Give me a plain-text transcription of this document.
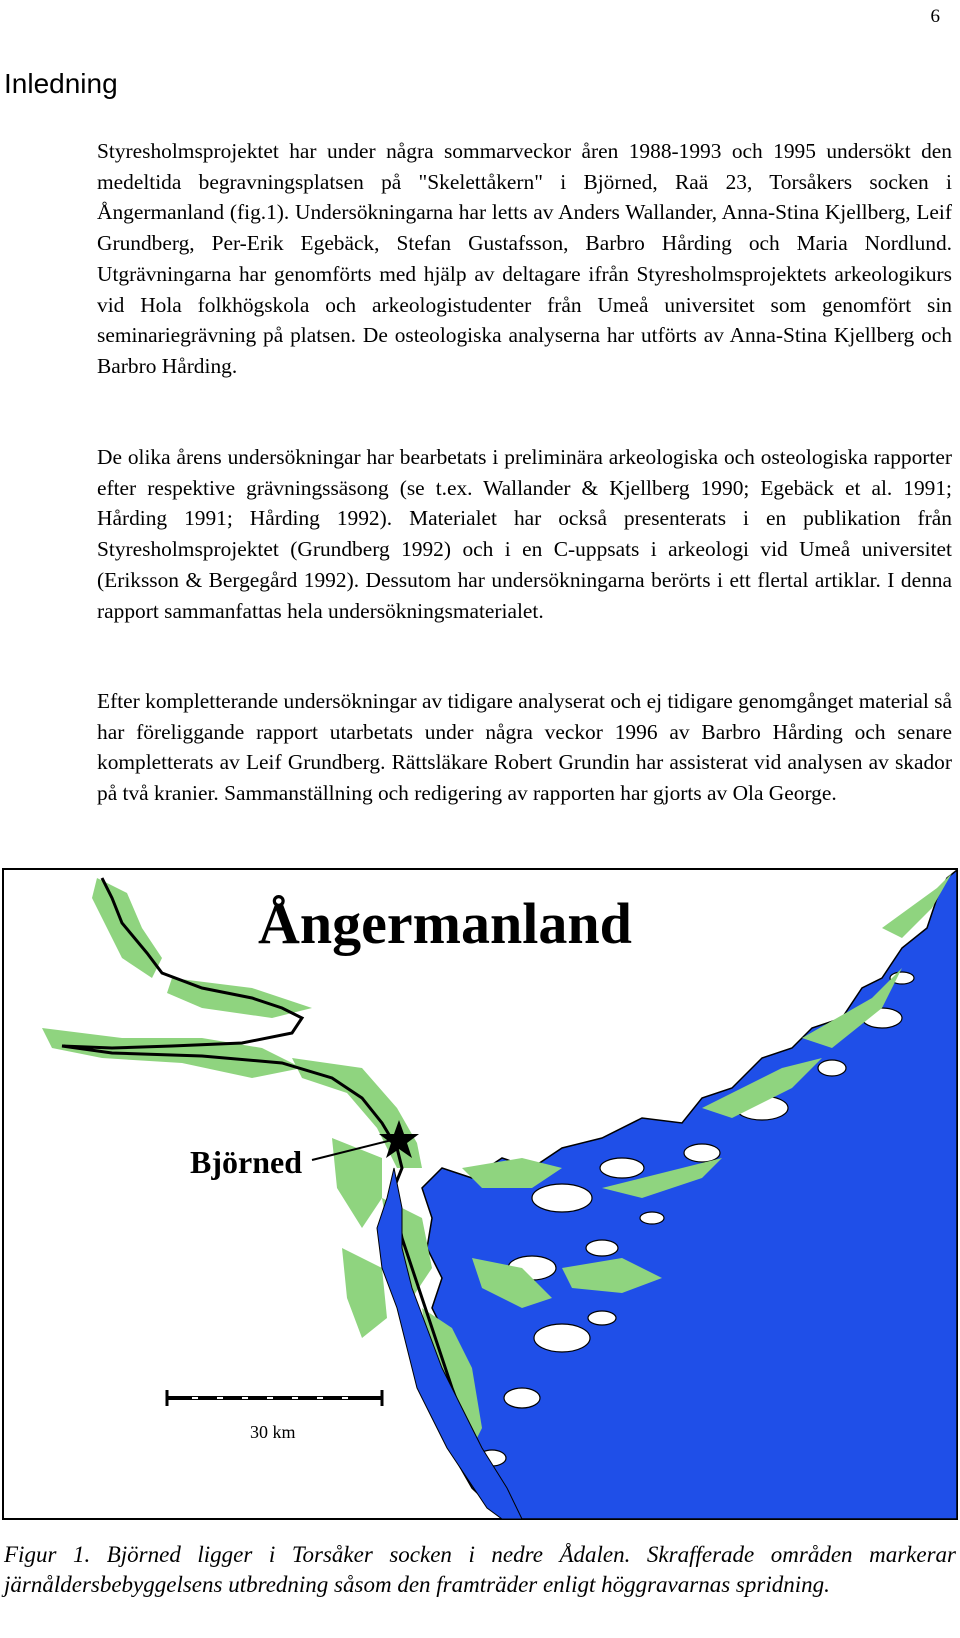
6
Inledning

Styresholmsprojektet har under några sommarveckor åren 1988-1993 och 1995 undersökt den medeltida begravningsplatsen på "Skelettåkern" i Björned, Raä 23, Torsåkers socken i Ångermanland (fig.1). Undersökningarna har letts av Anders Wallander, Anna-Stina Kjellberg, Leif Grundberg, Per-Erik Egebäck, Stefan Gustafsson, Barbro Hårding och Maria Nordlund. Utgrävningarna har genomförts med hjälp av deltagare ifrån Styresholmsprojektets arkeologikurs vid Hola folkhögskola och arkeologistudenter från Umeå universitet som genomfört sin seminariegrävning på platsen. De osteologiska analyserna har utförts av Anna-Stina Kjellberg och Barbro Hårding.

De olika årens undersökningar har bearbetats i preliminära arkeologiska och osteologiska rapporter efter respektive grävningssäsong (se t.ex. Wallander & Kjellberg 1990; Egebäck et al. 1991; Hårding 1991; Hårding 1992). Materialet har också presenterats i en publikation från Styresholmsprojektet (Grundberg 1992) och i en C-uppsats i arkeologi vid Umeå universitet (Eriksson & Bergegård 1992). Dessutom har undersökningarna berörts i ett flertal artiklar. I denna rapport sammanfattas hela undersökningsmaterialet.

Efter kompletterande undersökningar av tidigare analyserat och ej tidigare genomgånget material så har föreliggande rapport utarbetats under några veckor 1996 av Barbro Hårding och senare kompletterats av Leif Grundberg. Rättsläkare Robert Grundin har assisterat vid analysen av skador på två kranier. Sammanställning och redigering av rapporten har gjorts av Ola George.

Ångermanland
Björned
30 km

Figur 1. Björned ligger i Torsåker socken i nedre Ådalen. Skrafferade områden markerar järnåldersbebyggelsens utbredning såsom den framträder enligt höggravarnas spridning.
